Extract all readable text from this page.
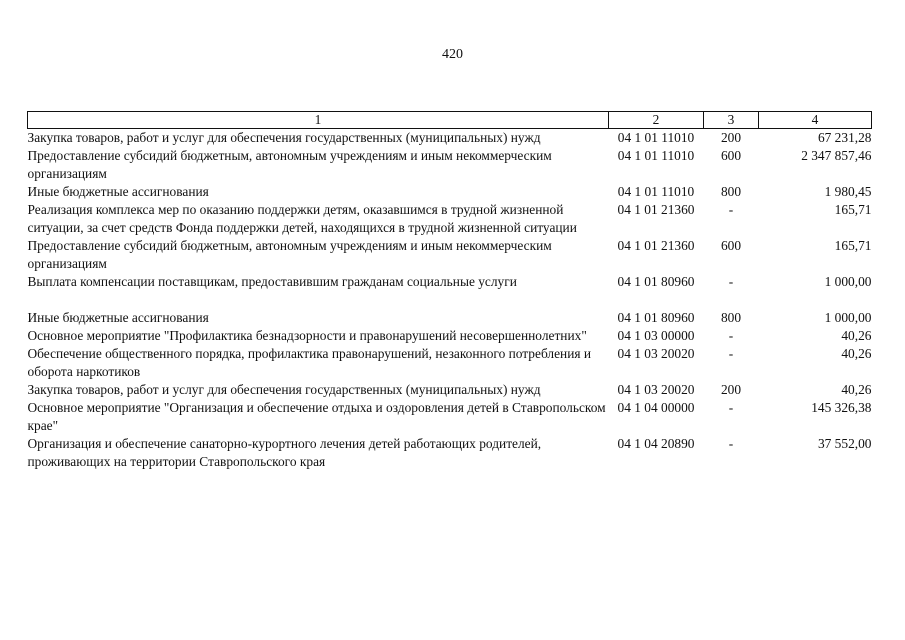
420
1	2	3	4
Закупка товаров, работ и услуг для обеспечения государственных (муниципальных) нужд	04 1 01 11010	200	67 231,28
Предоставление субсидий бюджетным, автономным учреждениям и иным некоммерческим организациям	04 1 01 11010	600	2 347 857,46
Иные бюджетные ассигнования	04 1 01 11010	800	1 980,45
Реализация комплекса мер по оказанию поддержки детям, оказавшимся в трудной жизненной ситуации, за счет средств Фонда поддержки детей, находящихся в трудной жизненной ситуации	04 1 01 21360	-	165,71
Предоставление субсидий бюджетным, автономным учреждениям и иным некоммерческим организациям	04 1 01 21360	600	165,71
Выплата компенсации поставщикам, предоставившим гражданам социальные услуги	04 1 01 80960	-	1 000,00
Иные бюджетные ассигнования	04 1 01 80960	800	1 000,00
Основное мероприятие "Профилактика безнадзорности и правонарушений несовершеннолетних"	04 1 03 00000	-	40,26
Обеспечение общественного порядка, профилактика правонарушений, незаконного потребления и оборота наркотиков	04 1 03 20020	-	40,26
Закупка товаров, работ и услуг для обеспечения государственных (муниципальных) нужд	04 1 03 20020	200	40,26
Основное мероприятие "Организация и обеспечение отдыха и оздоровления детей в Ставропольском крае"	04 1 04 00000	-	145 326,38
Организация и обеспечение санаторно-курортного лечения детей работающих родителей, проживающих на территории Ставропольского края	04 1 04 20890	-	37 552,00
